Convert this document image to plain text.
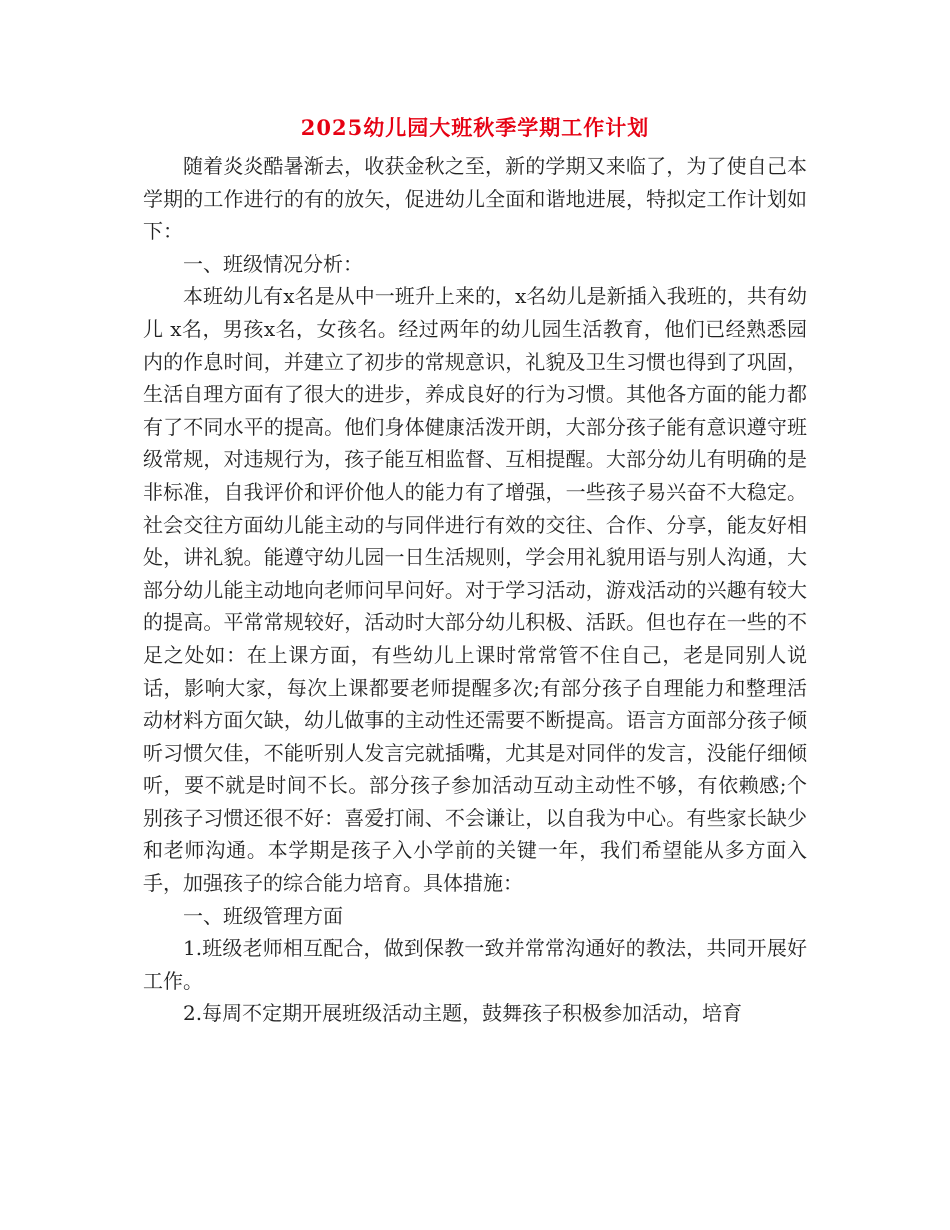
2025幼儿园大班秋季学期工作计划

随着炎炎酷暑渐去，收获金秋之至，新的学期又来临了，为了使自己本学期的工作进行的有的放矢，促进幼儿全面和谐地进展，特拟定工作计划如下：

一、班级情况分析：

本班幼儿有x名是从中一班升上来的，x名幼儿是新插入我班的，共有幼儿 x名，男孩x名，女孩名。经过两年的幼儿园生活教育，他们已经熟悉园内的作息时间，并建立了初步的常规意识，礼貌及卫生习惯也得到了巩固，生活自理方面有了很大的进步，养成良好的行为习惯。其他各方面的能力都有了不同水平的提高。他们身体健康活泼开朗，大部分孩子能有意识遵守班级常规，对违规行为，孩子能互相监督、互相提醒。大部分幼儿有明确的是非标准，自我评价和评价他人的能力有了增强，一些孩子易兴奋不大稳定。社会交往方面幼儿能主动的与同伴进行有效的交往、合作、分享，能友好相处，讲礼貌。能遵守幼儿园一日生活规则，学会用礼貌用语与别人沟通，大部分幼儿能主动地向老师问早问好。对于学习活动，游戏活动的兴趣有较大的提高。平常常规较好，活动时大部分幼儿积极、活跃。但也存在一些的不足之处如：在上课方面，有些幼儿上课时常常管不住自己，老是同别人说话，影响大家，每次上课都要老师提醒多次;有部分孩子自理能力和整理活动材料方面欠缺，幼儿做事的主动性还需要不断提高。语言方面部分孩子倾听习惯欠佳，不能听别人发言完就插嘴，尤其是对同伴的发言，没能仔细倾听，要不就是时间不长。部分孩子参加活动互动主动性不够，有依赖感;个别孩子习惯还很不好：喜爱打闹、不会谦让，以自我为中心。有些家长缺少和老师沟通。本学期是孩子入小学前的关键一年，我们希望能从多方面入手，加强孩子的综合能力培育。具体措施：

一、班级管理方面

1.班级老师相互配合，做到保教一致并常常沟通好的教法，共同开展好工作。

2.每周不定期开展班级活动主题，鼓舞孩子积极参加活动，培育
